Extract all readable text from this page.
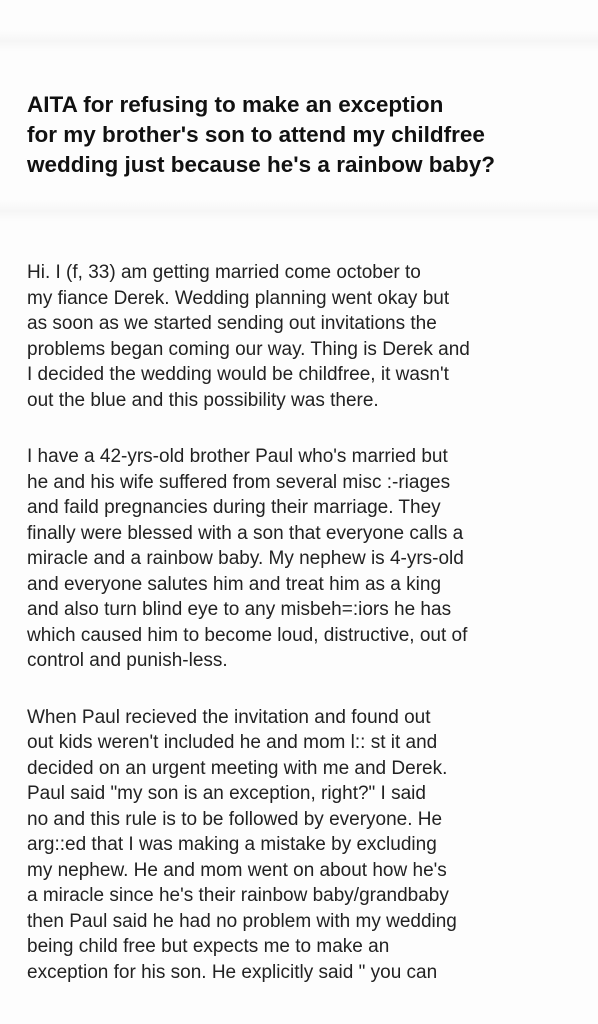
AITA for refusing to make an exception
for my brother's son to attend my childfree
wedding just because he's a rainbow baby?
Hi. I (f, 33) am getting married come october to
my fiance Derek. Wedding planning went okay but
as soon as we started sending out invitations the
problems began coming our way. Thing is Derek and
I decided the wedding would be childfree, it wasn't
out the blue and this possibility was there.
I have a 42-yrs-old brother Paul who's married but
he and his wife suffered from several misc :-riages
and faild pregnancies during their marriage. They
finally were blessed with a son that everyone calls a
miracle and a rainbow baby. My nephew is 4-yrs-old
and everyone salutes him and treat him as a king
and also turn blind eye to any misbeh=:iors he has
which caused him to become loud, distructive, out of
control and punish-less.
When Paul recieved the invitation and found out
out kids weren't included he and mom l:: st it and
decided on an urgent meeting with me and Derek.
Paul said "my son is an exception, right?" I said
no and this rule is to be followed by everyone. He
arg::ed that I was making a mistake by excluding
my nephew. He and mom went on about how he's
a miracle since he's their rainbow baby/grandbaby
then Paul said he had no problem with my wedding
being child free but expects me to make an
exception for his son. He explicitly said " you can
